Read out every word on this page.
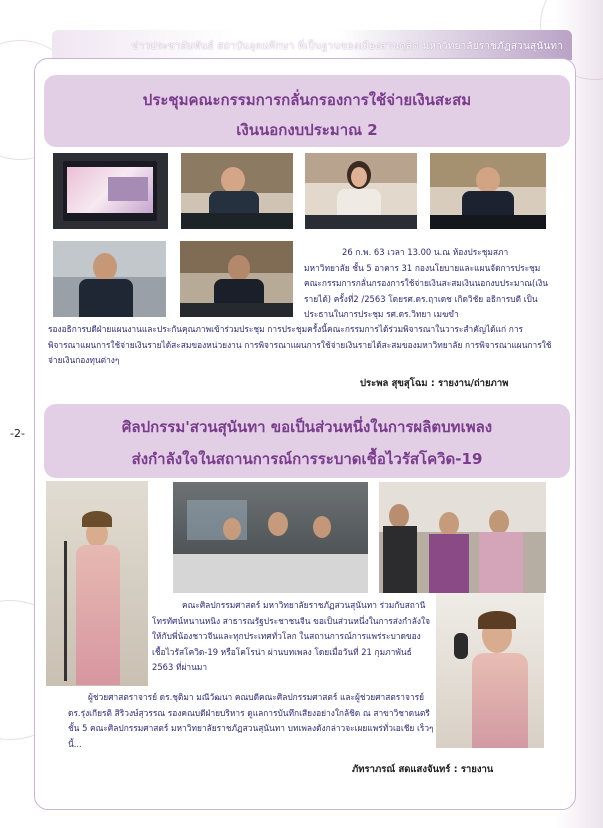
ข่าวประชาสัมพันธ์ สถาบันอุดมศึกษา ที่เป็นฐานของเมืองสวนดุสิต มหาวิทยาลัยราชภัฏสวนสุนันทา
-2-
ประชุมคณะกรรมการกลั่นกรองการใช้จ่ายเงินสะสม
เงินนอกงบประมาณ 2
26 ก.พ. 63 เวลา 13.00 น.ณ ห้องประชุมสภา มหาวิทยาลัย ชั้น 5 อาคาร 31 กองนโยบายและแผนจัดการประชุมคณะกรรมการกลั่นกรองการใช้จ่ายเงินสะสมเงินนอกงบประมาณ(เงินรายได้) ครั้งที่2 /2563 โดยรศ.ดร.ฤาเดช เกิดวิชัย อธิการบดี เป็นประธานในการประชุม รศ.ดร.วิทยา เมฆขำ
รองอธิการบดีฝ่ายแผนงานและประกันคุณภาพเข้าร่วมประชุม การประชุมครั้งนี้คณะกรรมการได้ร่วมพิจารณาในวาระสำคัญได้แก่ การพิจารณาแผนการใช้จ่ายเงินรายได้สะสมของหน่วยงาน การพิจารณาแผนการใช้จ่ายเงินรายได้สะสมของมหาวิทยาลัย การพิจารณาแผนการใช้จ่ายเงินกองทุนต่างๆ
ประพล สุขสุโฉม : รายงาน/ถ่ายภาพ
ศิลปกรรม'สวนสุนันทา ขอเป็นส่วนหนึ่งในการผลิตบทเพลง
ส่งกำลังใจในสถานการณ์การระบาดเชื้อไวรัสโควิด-19
คณะศิลปกรรมศาสตร์ มหาวิทยาลัยราชภัฏสวนสุนันทา ร่วมกับสถานีโทรทัศน์หนานหนิง สาธารณรัฐประชาชนจีน ขอเป็นส่วนหนึ่งในการส่งกำลังใจให้กับพี่น้องชาวจีนและทุกประเทศทั่วโลก ในสถานการณ์การแพร่ระบาดของเชื้อไวรัสโควิด-19 หรือโคโรน่า ผ่านบทเพลง โดยเมื่อวันที่ 21 กุมภาพันธ์ 2563 ที่ผ่านมา
ผู้ช่วยศาสตราจารย์ ดร.ชุติมา มณีวัฒนา คณบดีคณะศิลปกรรมศาสตร์ และผู้ช่วยศาสตราจารย์ ดร.รุ่งเกียรติ สิริวงษ์สุวรรณ รองคณบดีฝ่ายบริหาร ดูแลการบันทึกเสียงอย่างใกล้ชิด ณ สาขาวิชาดนตรี ชั้น 5 คณะศิลปกรรมศาสตร์ มหาวิทยาลัยราชภัฏสวนสุนันทา บทเพลงดังกล่าวจะเผยแพร่ทั่วเอเชีย เร็วๆนี้...
ภัทราภรณ์ สดแสงจันทร์ : รายงาน
